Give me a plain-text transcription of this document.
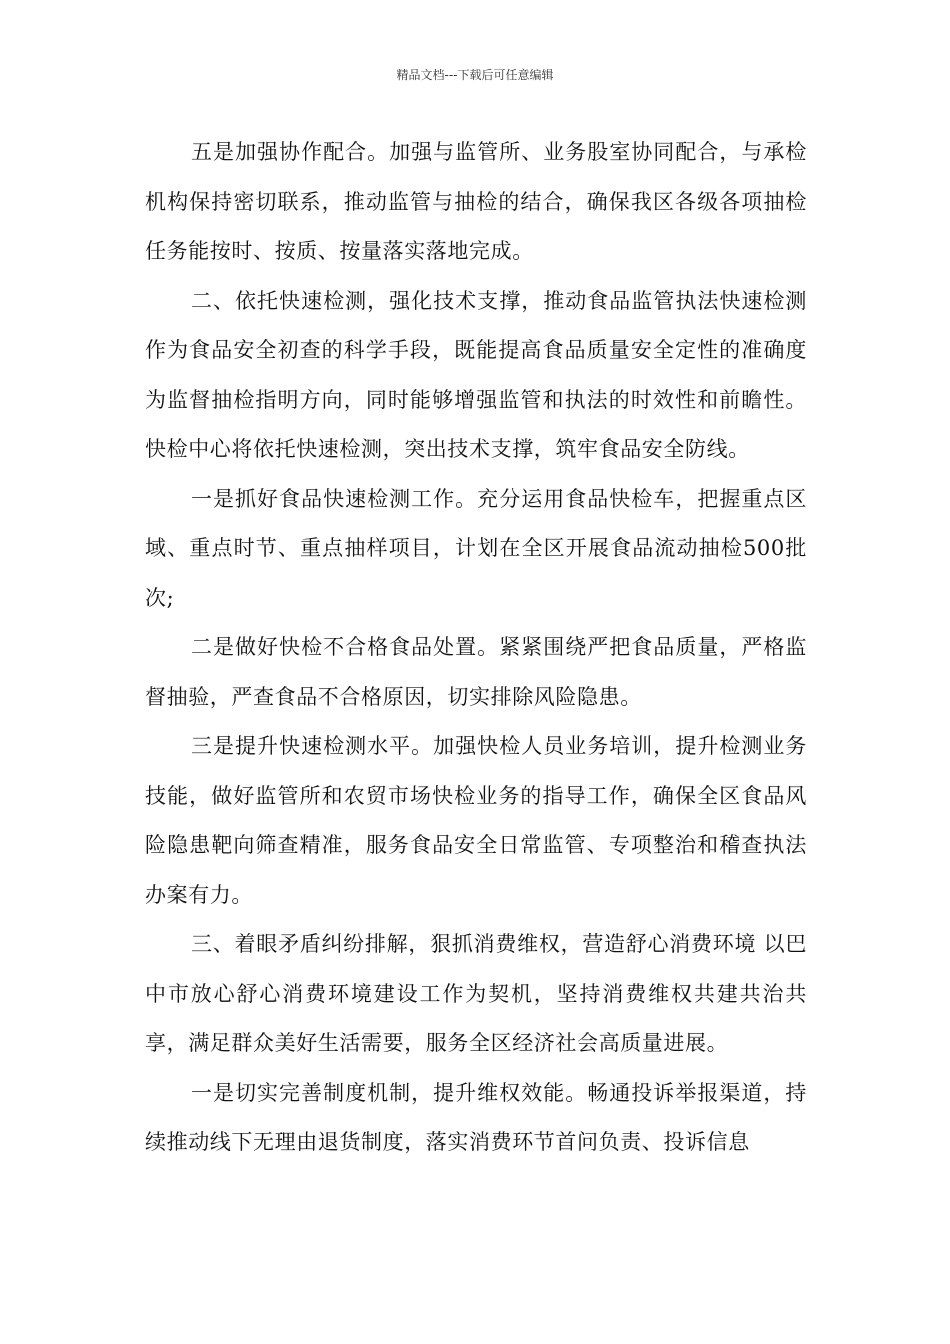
精品文档---下载后可任意编辑

五是加强协作配合。加强与监管所、业务股室协同配合，与承检机构保持密切联系，推动监管与抽检的结合，确保我区各级各项抽检任务能按时、按质、按量落实落地完成。

二、依托快速检测，强化技术支撑，推动食品监管执法快速检测作为食品安全初查的科学手段，既能提高食品质量安全定性的准确度为监督抽检指明方向，同时能够增强监管和执法的时效性和前瞻性。快检中心将依托快速检测，突出技术支撑，筑牢食品安全防线。

一是抓好食品快速检测工作。充分运用食品快检车，把握重点区域、重点时节、重点抽样项目，计划在全区开展食品流动抽检500批次;

二是做好快检不合格食品处置。紧紧围绕严把食品质量，严格监督抽验，严查食品不合格原因，切实排除风险隐患。

三是提升快速检测水平。加强快检人员业务培训，提升检测业务技能，做好监管所和农贸市场快检业务的指导工作，确保全区食品风险隐患靶向筛查精准，服务食品安全日常监管、专项整治和稽查执法办案有力。

三、着眼矛盾纠纷排解，狠抓消费维权，营造舒心消费环境 以巴中市放心舒心消费环境建设工作为契机，坚持消费维权共建共治共享，满足群众美好生活需要，服务全区经济社会高质量进展。

一是切实完善制度机制，提升维权效能。畅通投诉举报渠道，持续推动线下无理由退货制度，落实消费环节首问负责、投诉信息
